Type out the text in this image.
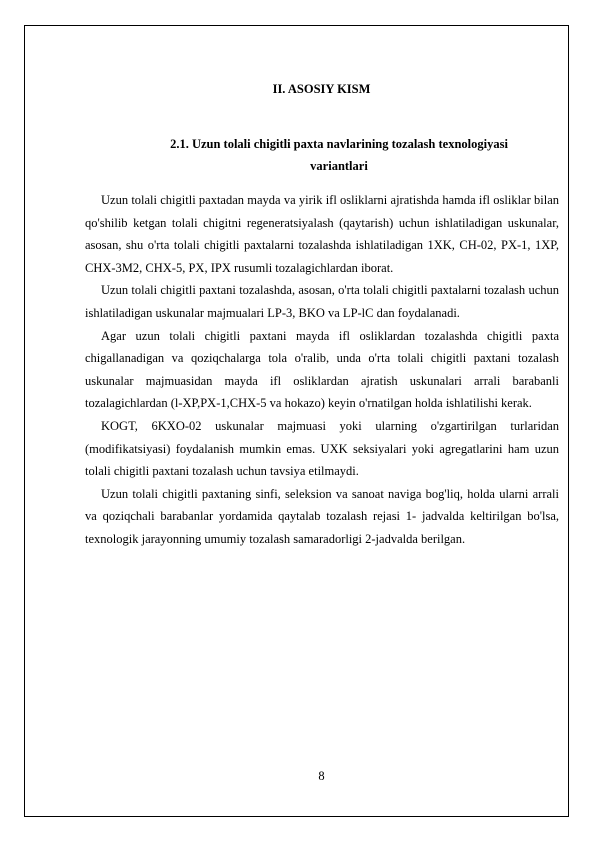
II. ASOSIY KISM
2.1. Uzun tolali chigitli paxta navlarining tozalash texnologiyasi variantlari

Uzun tolali chigitli paxtadan mayda va yirik ifl osliklarni ajratishda hamda ifl osliklar bilan qo'shilib ketgan tolali chigitni regeneratsiyalash (qaytarish) uchun ishlatiladigan uskunalar, asosan, shu o'rta tolali chigitli paxtalarni tozalashda ishlatiladigan 1XK, CH-02, PX-1, 1XP, CHX-3M2, CHX-5, PX, IPX rusumli tozalagichlardan iborat.

Uzun tolali chigitli paxtani tozalashda, asosan, o'rta tolali chigitli paxtalarni tozalash uchun ishlatiladigan uskunalar majmualari LP-3, BKO va LP-lC dan foydalanadi.

Agar uzun tolali chigitli paxtani mayda ifl osliklardan tozalashda chigitli paxta chigallanadigan va qoziqchalarga tola o'ralib, unda o'rta tolali chigitli paxtani tozalash uskunalar majmuasidan mayda ifl osliklardan ajratish uskunalari arrali barabanli tozalagichlardan (l-XP,PX-1,CHX-5 va hokazo) keyin o'rnatilgan holda ishlatilishi kerak.

KOGT, 6KXO-02 uskunalar majmuasi yoki ularning o'zgartirilgan turlaridan (modifikatsiyasi) foydalanish mumkin emas. UXK seksiyalari yoki agregatlarini ham uzun tolali chigitli paxtani tozalash uchun tavsiya etilmaydi.

Uzun tolali chigitli paxtaning sinfi, seleksion va sanoat naviga bog'liq, holda ularni arrali va qoziqchali barabanlar yordamida qaytalab tozalash rejasi 1- jadvalda keltirilgan bo'lsa, texnologik jarayonning umumiy tozalash samaradorligi 2-jadvalda berilgan.

8
